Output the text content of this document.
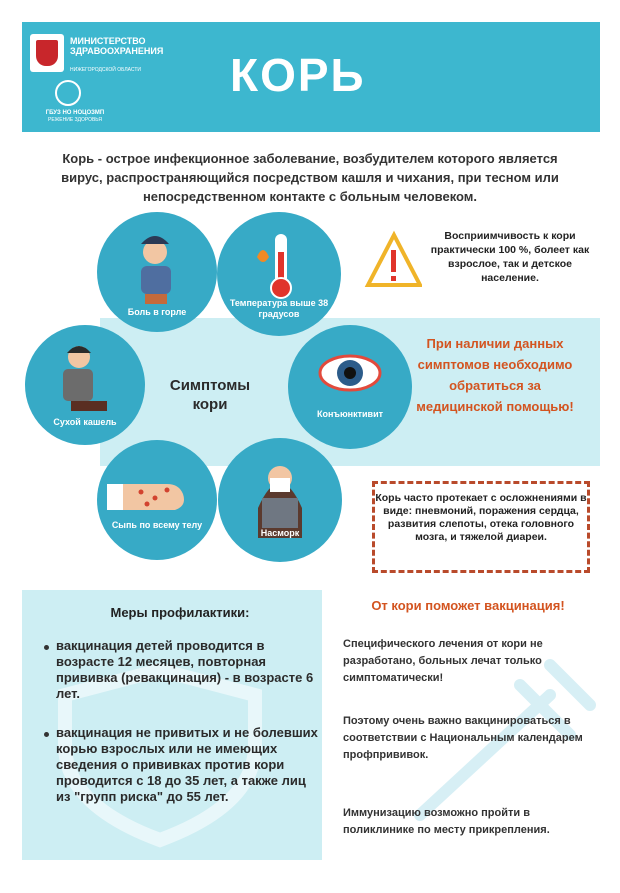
МИНИСТЕРСТВО
ЗДРАВООХРАНЕНИЯ
НИЖЕГОРОДСКОЙ ОБЛАСТИ
ГБУЗ НО НОЦОЗМП
РЕЖЕНИЕ ЗДОРОВЬЯ
КОРЬ
Корь - острое инфекционное заболевание, возбудителем которого является вирус, распространяющийся посредством кашля и чихания, при тесном или непосредственном контакте с больным человеком.
Боль в горле
Температура выше 38 градусов
Конъюнктивит
Насморк
Сыпь по всему телу
Сухой кашель
Симптомы кори
Восприимчивость к кори практически 100 %, болеет как взрослое, так и детское население.
При наличии данных симптомов необходимо обратиться за медицинской помощью!
Корь часто протекает с осложнениями в виде: пневмоний, поражения сердца, развития слепоты, отека головного мозга, и тяжелой диареи.
Меры профилактики:
вакцинация детей проводится в возрасте 12 месяцев, повторная прививка (ревакцинация) - в возрасте 6 лет.
вакцинация не привитых и не болевших корью взрослых или не имеющих сведения о прививках против кори проводится с 18 до 35 лет, а также лиц из "групп риска" до 55 лет.
От кори поможет вакцинация!
Специфического лечения от кори не разработано, больных лечат только симптоматически!
Поэтому очень важно вакцинироваться в соответствии с Национальным календарем профпрививок.
Иммунизацию возможно пройти в поликлинике по месту прикрепления.
